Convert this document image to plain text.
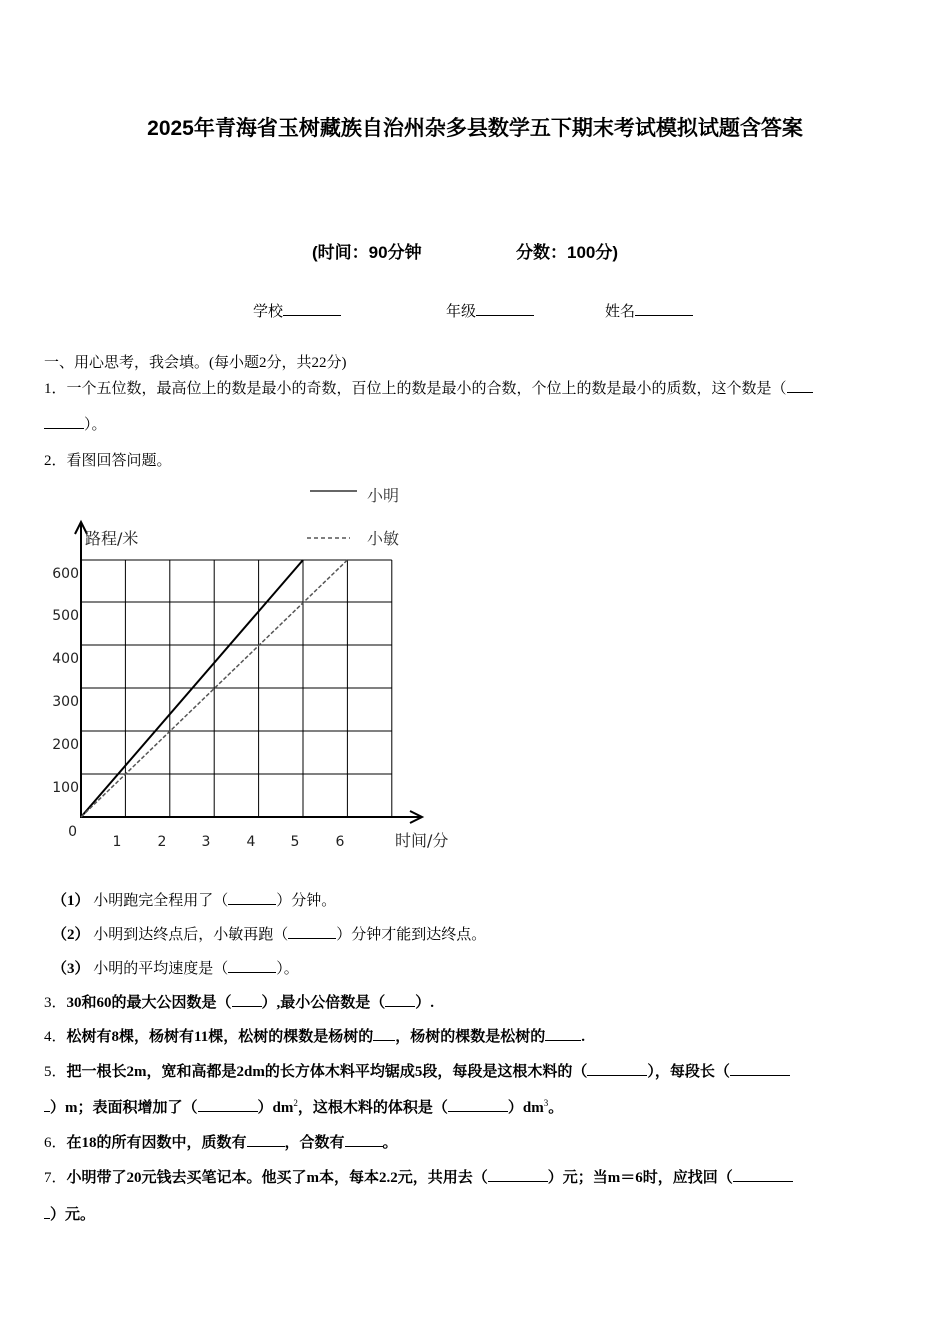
2025年青海省玉树藏族自治州杂多县数学五下期末考试模拟试题含答案
(时间：90分钟	分数：100分)
学校	年级	姓名
一、用心思考，我会填。(每小题2分，共22分)
1．一个五位数，最高位上的数是最小的奇数，百位上的数是最小的合数，个位上的数是最小的质数，这个数是（
）。
2．看图回答问题。
600
500
400
300
200
100
0
1	2	3	4	5	6
路程/米
时间/分
小明
小敏
（1） 小明跑完全程用了（	）分钟。
（2） 小明到达终点后，小敏再跑（	）分钟才能到达终点。
（3） 小明的平均速度是（	）。
3．30和60的最大公因数是（ ）,最小公倍数是（ ）.
4．松树有8棵，杨树有11棵，松树的棵数是杨树的 ，杨树的棵数是松树的 .
5．把一根长2m，宽和高都是2dm的长方体木料平均锯成5段，每段是这根木料的（	），每段长（
）m；表面积增加了（	）$dm^2$，这根木料的体积是（	）$dm^3$。
6．在18的所有因数中，质数有	，合数有	。
7．小明带了20元钱去买笔记本。他买了m本，每本2.2元，共用去（	）元；当m＝6时，应找回（
）元。
